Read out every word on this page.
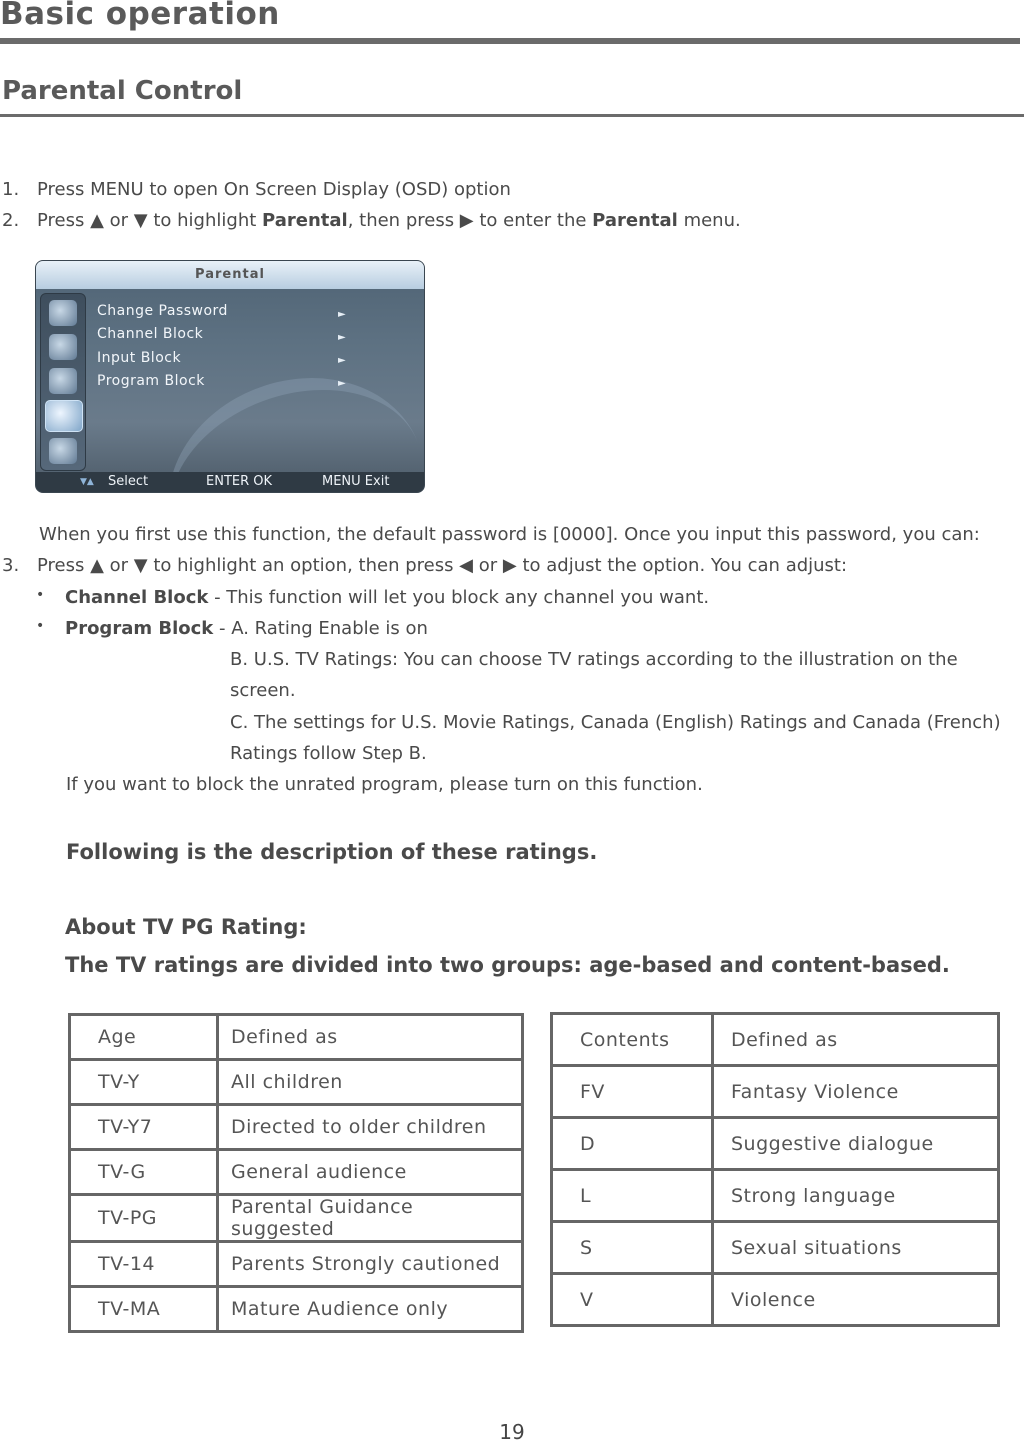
Basic operation
Parental Control
1. Press MENU to open On Screen Display (OSD) option
2. Press ▲ or ▼ to highlight Parental, then press ▶ to enter the Parental menu.
Parental
Change Password	►
Channel Block	►
Input Block	►
Program Block	►
▼▲ Select	ENTER OK	MENU Exit
When you first use this function, the default password is [0000]. Once you input this password, you can:
3. Press ▲ or ▼ to highlight an option, then press ◀ or ▶ to adjust the option. You can adjust:
• Channel Block - This function will let you block any channel you want.
• Program Block - A. Rating Enable is on
B. U.S. TV Ratings: You can choose TV ratings according to the illustration on the
screen.
C. The settings for U.S. Movie Ratings, Canada (English) Ratings and Canada (French)
Ratings follow Step B.
If you want to block the unrated program, please turn on this function.
Following is the description of these ratings.
About TV PG Rating:
The TV ratings are divided into two groups: age-based and content-based.
Age	Defined as
TV-Y	All children
TV-Y7	Directed to older children
TV-G	General audience
TV-PG	Parental Guidance suggested
TV-14	Parents Strongly cautioned
TV-MA	Mature Audience only
Contents	Defined as
FV	Fantasy Violence
D	Suggestive dialogue
L	Strong language
S	Sexual situations
V	Violence
19
